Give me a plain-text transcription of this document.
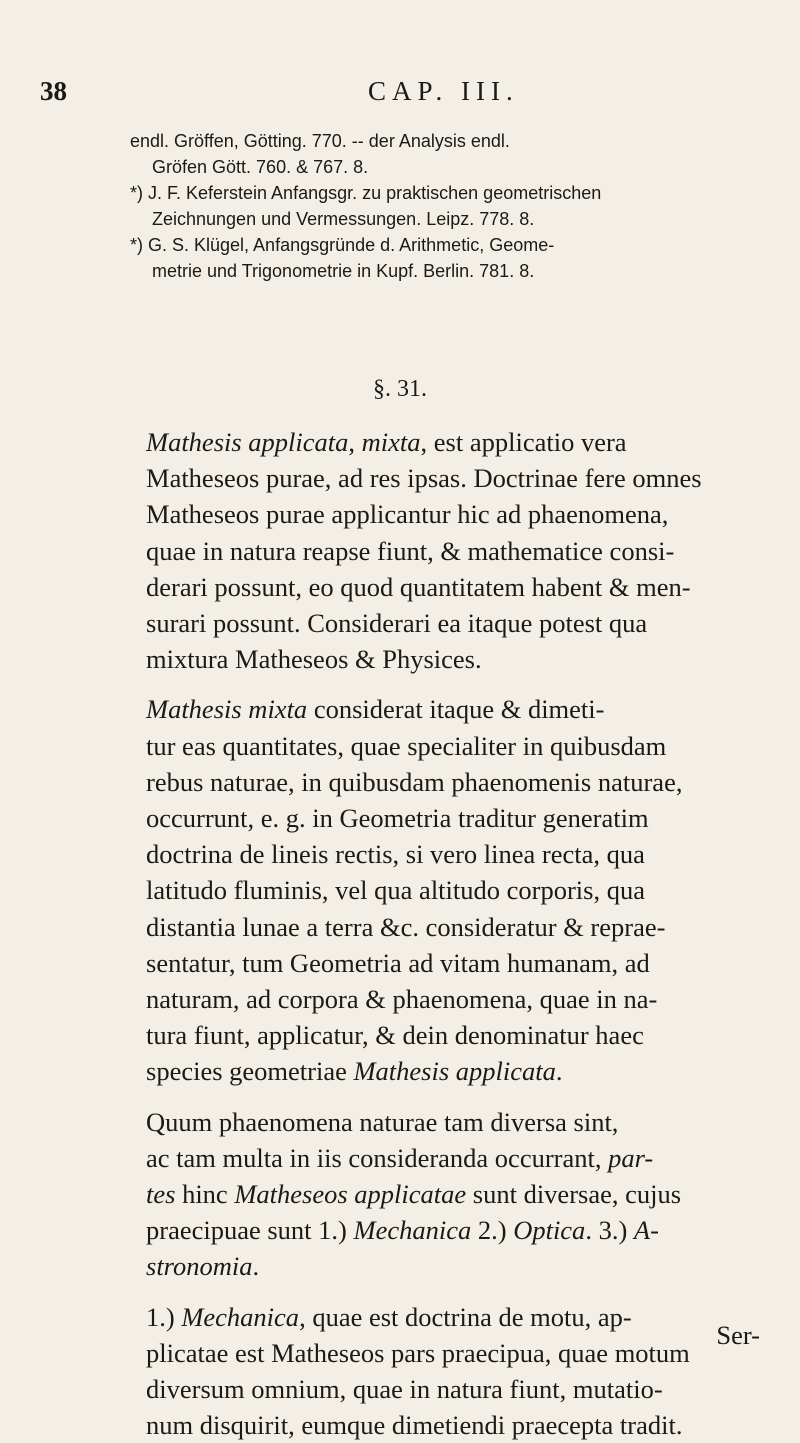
38	CAP. III.

endl. Gröffen, Götting. 770. -- der Analysis endl.
Gröfen Gött. 760. & 767. 8.

*) J. F. Keferstein Anfangsgr. zu praktischen geometrischen
Zeichnungen und Vermessungen. Leipz. 778. 8.

*) G. S. Klügel, Anfangsgründe d. Arithmetic, Geome-
metrie und Trigonometrie in Kupf. Berlin. 781. 8.

§. 31.

Mathesis applicata, mixta, est applicatio vera
Matheseos purae, ad res ipsas. Doctrinae fere omnes
Matheseos purae applicantur hic ad phaenomena,
quae in natura reapse fiunt, & mathematice consi-
derari possunt, eo quod quantitatem habent & men-
surari possunt. Considerari ea itaque potest qua
mixtura Matheseos & Physices.

Mathesis mixta considerat itaque & dimeti-
tur eas quantitates, quae specialiter in quibusdam
rebus naturae, in quibusdam phaenomenis naturae,
occurrunt, e. g. in Geometria traditur generatim
doctrina de lineis rectis, si vero linea recta, qua
latitudo fluminis, vel qua altitudo corporis, qua
distantia lunae a terra &c. consideratur & reprae-
sentatur, tum Geometria ad vitam humanam, ad
naturam, ad corpora & phaenomena, quae in na-
tura fiunt, applicatur, & dein denominatur haec
species geometriae Mathesis applicata.

Quum phaenomena naturae tam diversa sint,
ac tam multa in iis consideranda occurrant, par-
tes hinc Matheseos applicatae sunt diversae, cujus
praecipuae sunt 1.) Mechanica 2.) Optica. 3.) A-
stronomia.

1.) Mechanica, quae est doctrina de motu, ap-
plicatae est Matheseos pars praecipua, quae motum
diversum omnium, quae in natura fiunt, mutatio-
num disquirit, eumque dimetiendi praecepta tradit.

Ser-
